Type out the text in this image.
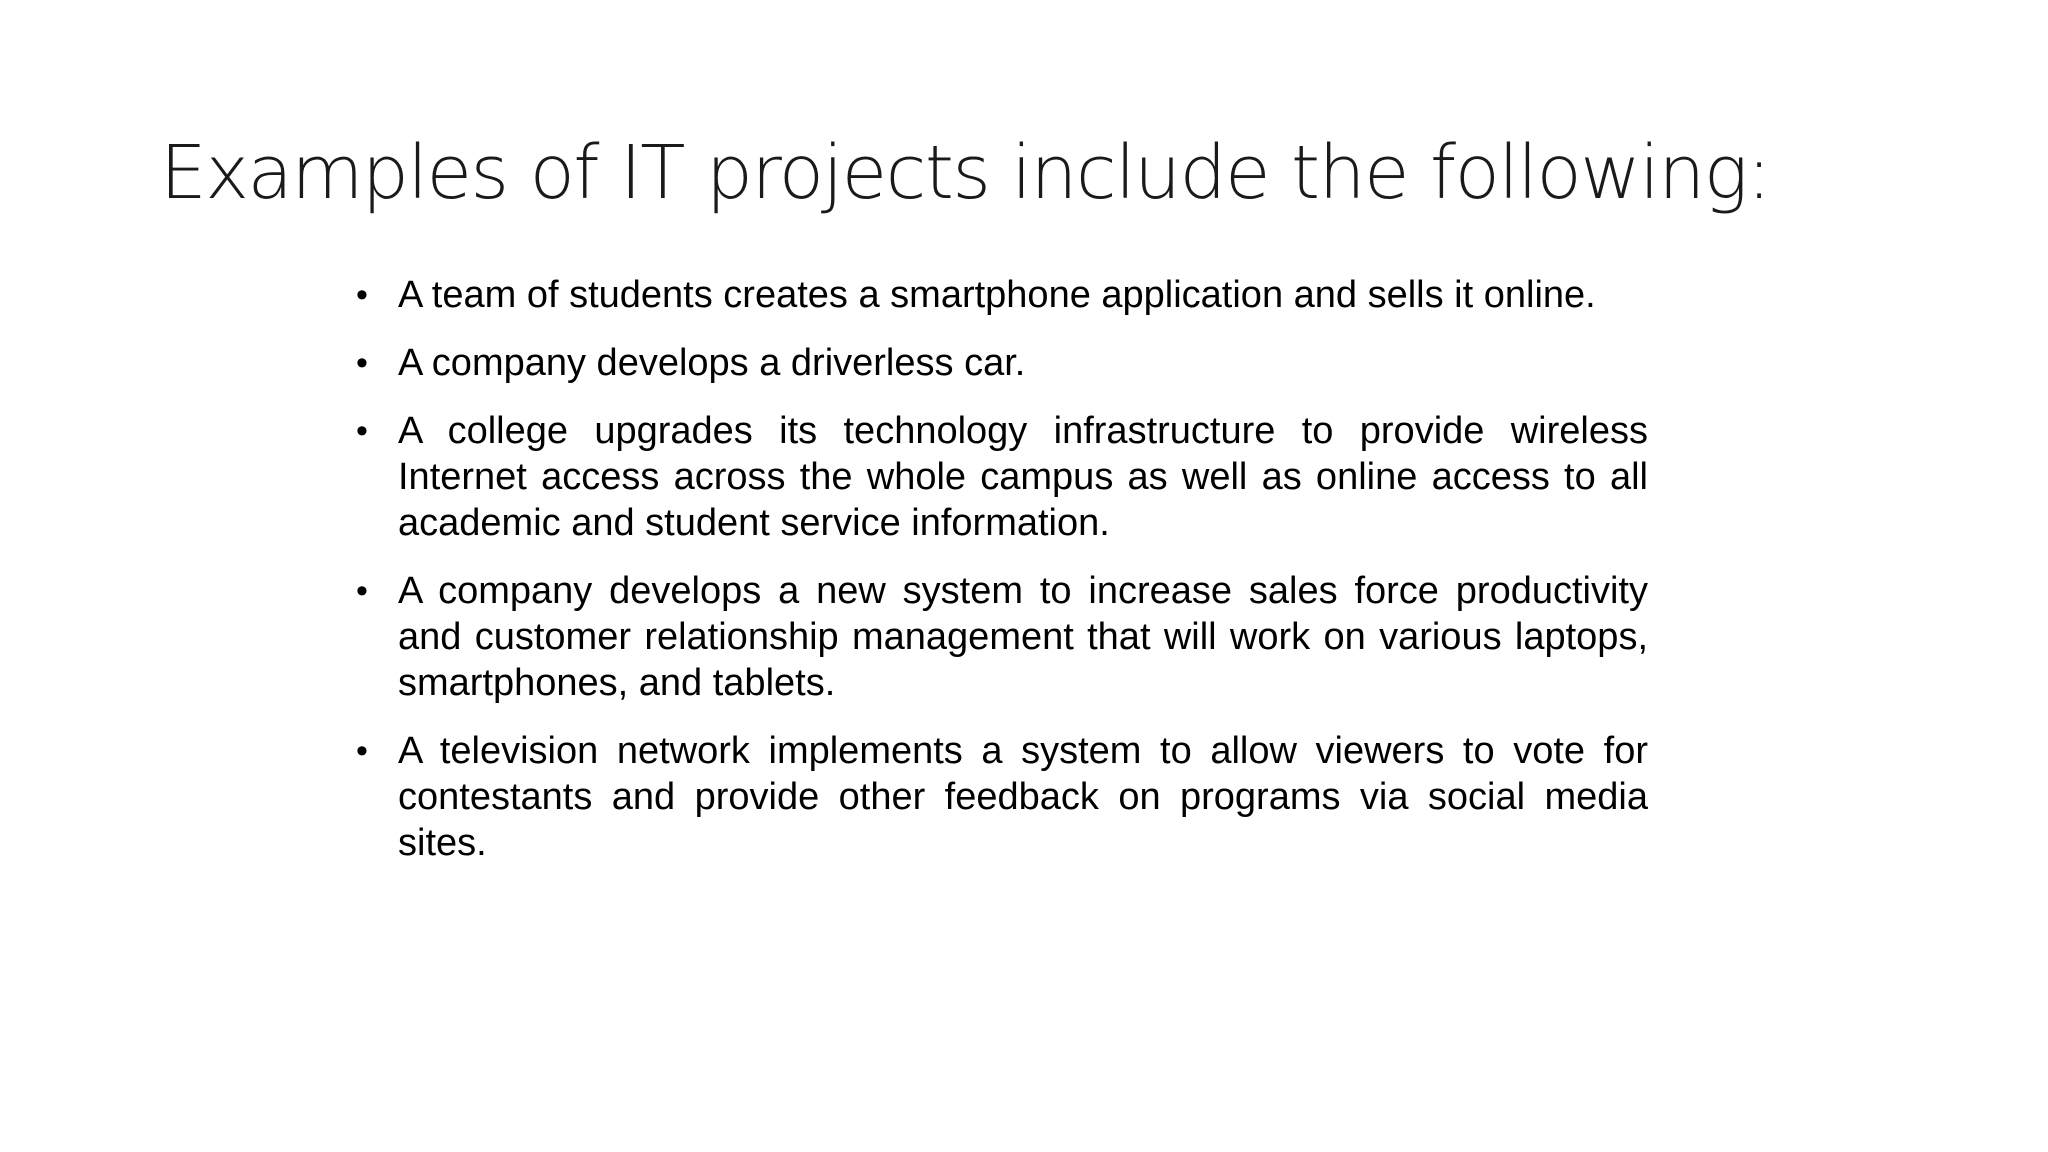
Examples of IT projects include the following:
• A team of students creates a smartphone application and sells it online.
• A company develops a driverless car.
• A college upgrades its technology infrastructure to provide wireless Internet access across the whole campus as well as online access to all academic and student service information.
• A company develops a new system to increase sales force productivity and customer relationship management that will work on various laptops, smartphones, and tablets.
• A television network implements a system to allow viewers to vote for contestants and provide other feedback on programs via social media sites.
